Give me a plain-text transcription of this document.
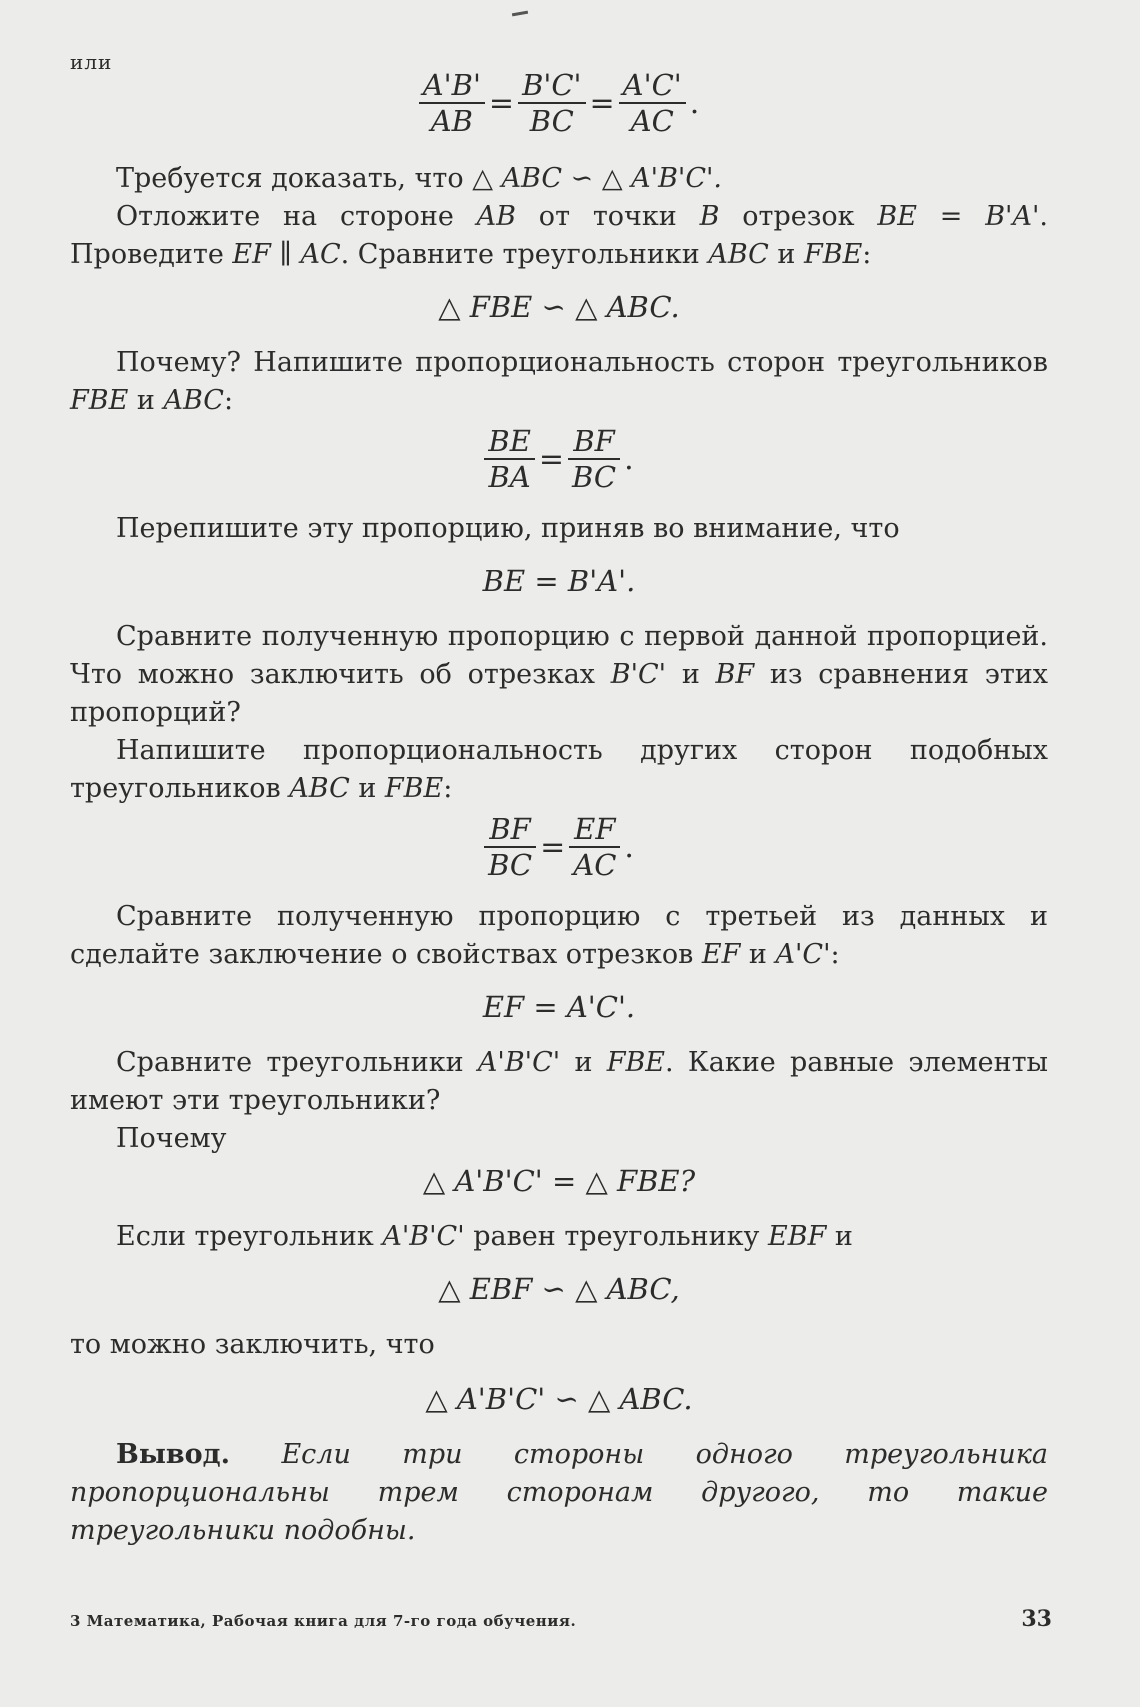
или
$\frac{A'B'}{AB} = \frac{B'C'}{BC} = \frac{A'C'}{AC}$ .

Требуется доказать, что △ ABC ∽ △ A'B'C'.

Отложите на стороне AB от точки B отрезок BE = B'A'. Проведите EF ∥ AC. Сравните треугольники ABC и FBE:

△ FBE ∽ △ ABC.

Почему? Напишите пропорциональность сторон треугольников FBE и ABC:

$\frac{BE}{BA} = \frac{BF}{BC}$ .

Перепишите эту пропорцию, приняв во внимание, что

BE = B'A'.

Сравните полученную пропорцию с первой данной пропорцией. Что можно заключить об отрезках B'C' и BF из сравнения этих пропорций?

Напишите пропорциональность других сторон подобных треугольников ABC и FBE:

$\frac{BF}{BC} = \frac{EF}{AC}$ .

Сравните полученную пропорцию с третьей из данных и сделайте заключение о свойствах отрезков EF и A'C':

EF = A'C'.

Сравните треугольники A'B'C' и FBE. Какие равные элементы имеют эти треугольники?

Почему

△ A'B'C' = △ FBE?

Если треугольник A'B'C' равен треугольнику EBF и

△ EBF ∽ △ ABC,

то можно заключить, что

△ A'B'C' ∽ △ ABC.

Вывод. Если три стороны одного треугольника пропорциональны трем сторонам другого, то такие треугольники подобны.

3 Математика, Рабочая книга для 7-го года обучения.	33
